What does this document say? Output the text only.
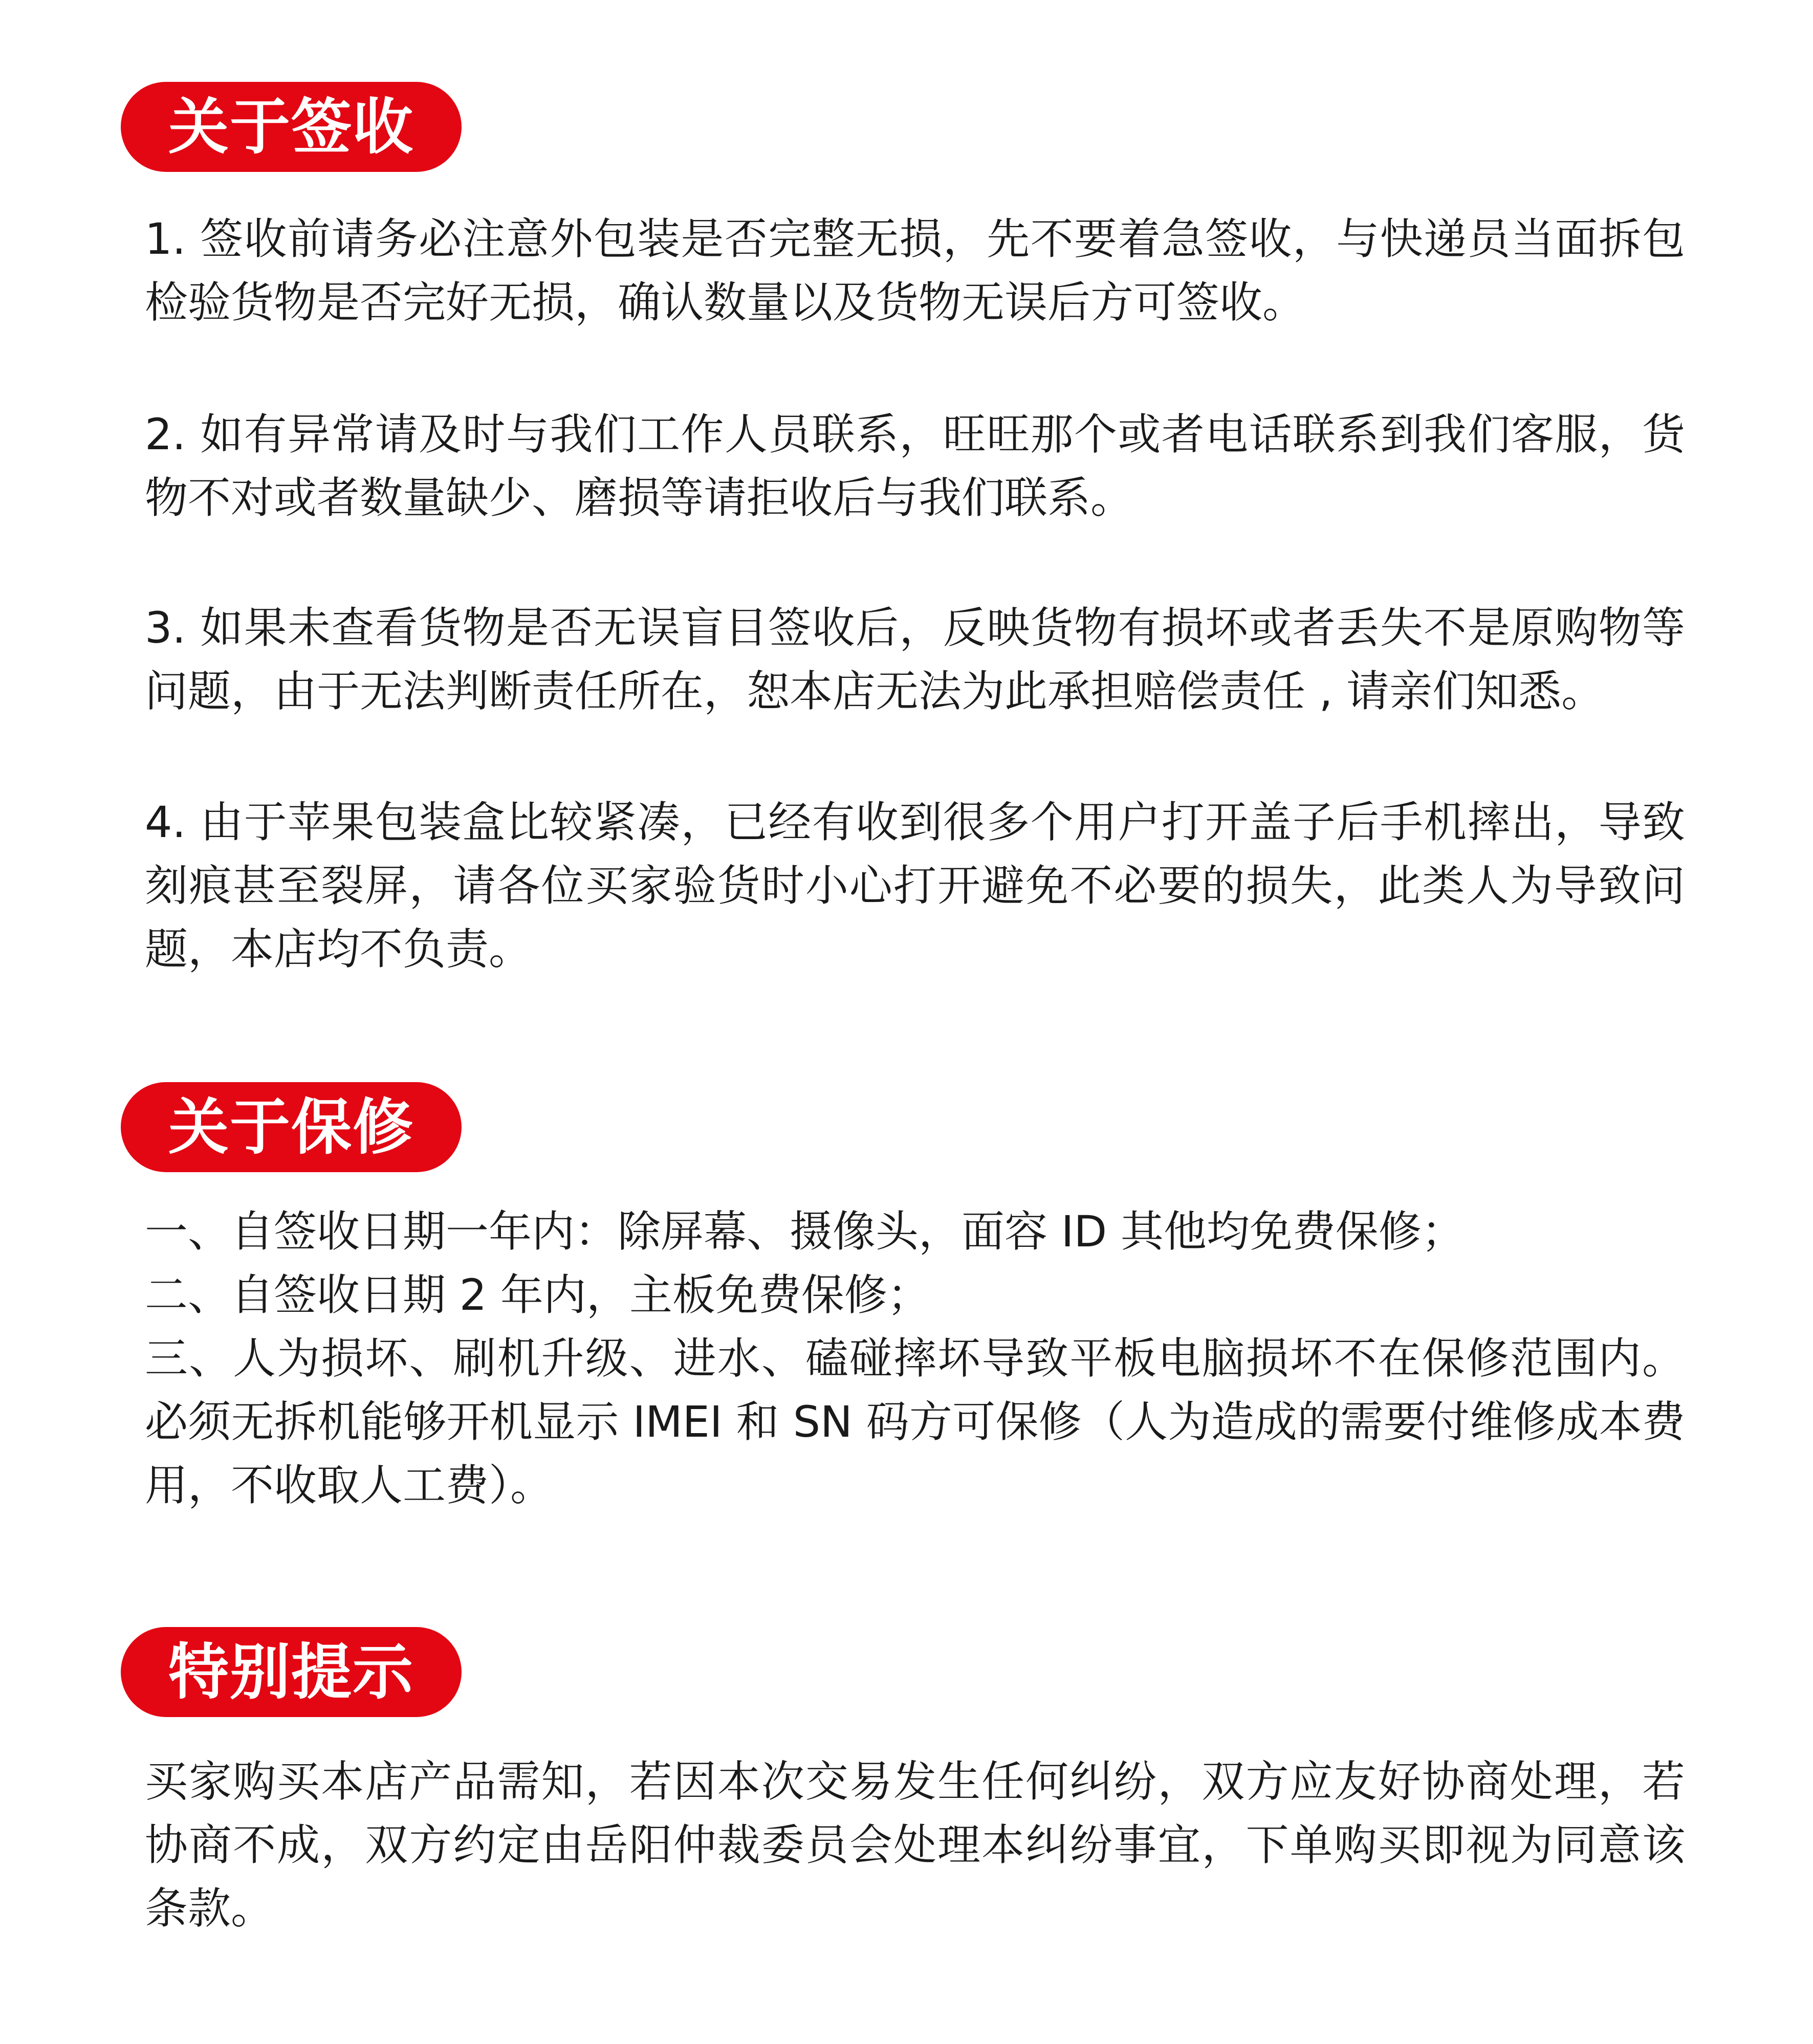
关于签收

1. 签收前请务必注意外包装是否完整无损，先不要着急签收，与快递员当面拆包检验货物是否完好无损，确认数量以及货物无误后方可签收。

2. 如有异常请及时与我们工作人员联系，旺旺那个或者电话联系到我们客服，货物不对或者数量缺少、磨损等请拒收后与我们联系。

3. 如果未查看货物是否无误盲目签收后，反映货物有损坏或者丢失不是原购物等问题，由于无法判断责任所在，恕本店无法为此承担赔偿责任 , 请亲们知悉。

4. 由于苹果包装盒比较紧凑，已经有收到很多个用户打开盖子后手机摔出，导致刻痕甚至裂屏，请各位买家验货时小心打开避免不必要的损失，此类人为导致问题，本店均不负责。

关于保修

一、自签收日期一年内：除屏幕、摄像头，面容 ID 其他均免费保修；

二、自签收日期 2 年内，主板免费保修；

三、人为损坏、刷机升级、进水、磕碰摔坏导致平板电脑损坏不在保修范围内。必须无拆机能够开机显示 IMEI 和 SN 码方可保修（人为造成的需要付维修成本费用，不收取人工费）。

特别提示

买家购买本店产品需知，若因本次交易发生任何纠纷，双方应友好协商处理，若协商不成，双方约定由岳阳仲裁委员会处理本纠纷事宜，下单购买即视为同意该条款。
